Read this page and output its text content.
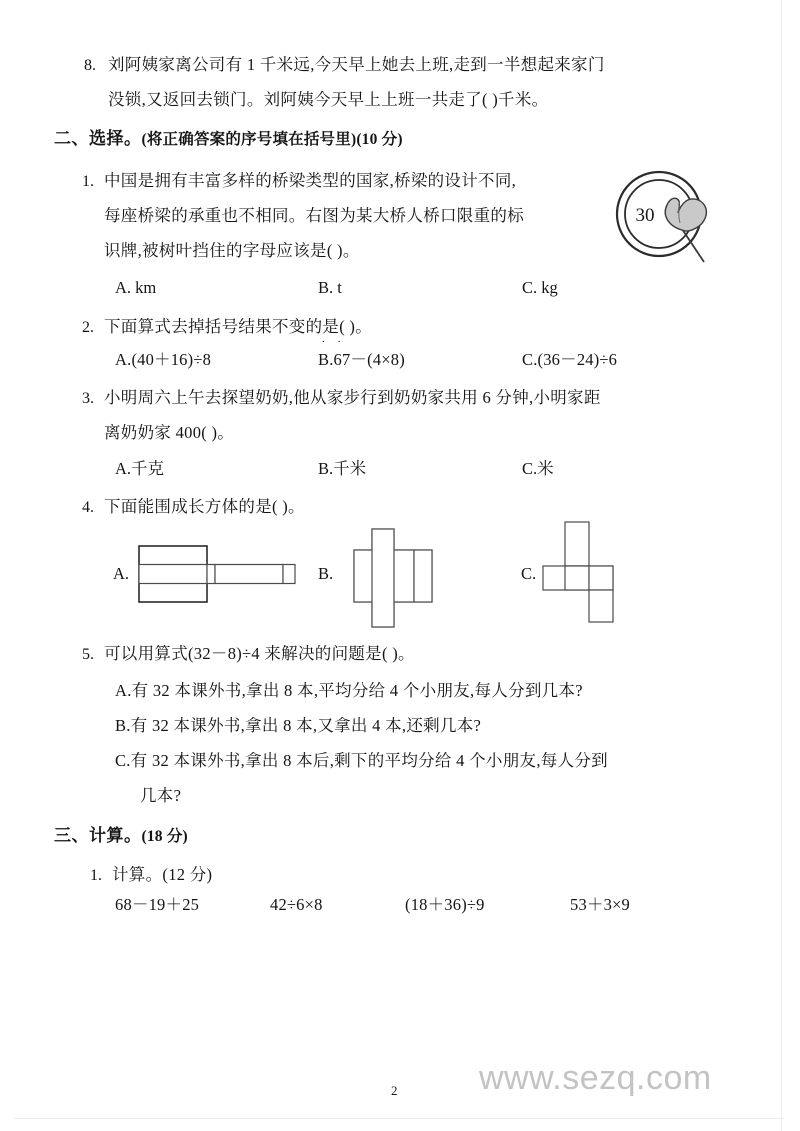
8. 刘阿姨家离公司有 1 千米远,今天早上她去上班,走到一半想起来家门
没锁,又返回去锁门。刘阿姨今天早上上班一共走了( )千米。
二、选择。(将正确答案的序号填在括号里)(10 分)
1. 中国是拥有丰富多样的桥梁类型的国家,桥梁的设计不同,
每座桥梁的承重也不相同。右图为某大桥人桥口限重的标
识牌,被树叶挡住的字母应该是( )。
A. km	B. t	C. kg
30
2. 下面算式去掉括号结果不变的是( )。
..
A.(40＋16)÷8	B.67－(4×8)	C.(36－24)÷6
3. 小明周六上午去探望奶奶,他从家步行到奶奶家共用 6 分钟,小明家距
离奶奶家 400( )。
A.千克	B.千米	C.米
4. 下面能围成长方体的是( )。
A.	B.	C.
5. 可以用算式(32－8)÷4 来解决的问题是( )。
A.有 32 本课外书,拿出 8 本,平均分给 4 个小朋友,每人分到几本?
B.有 32 本课外书,拿出 8 本,又拿出 4 本,还剩几本?
C.有 32 本课外书,拿出 8 本后,剩下的平均分给 4 个小朋友,每人分到
几本?
三、计算。(18 分)
1. 计算。(12 分)
68－19＋25	42÷6×8	(18＋36)÷9	53＋3×9
www.sezq.com
2
